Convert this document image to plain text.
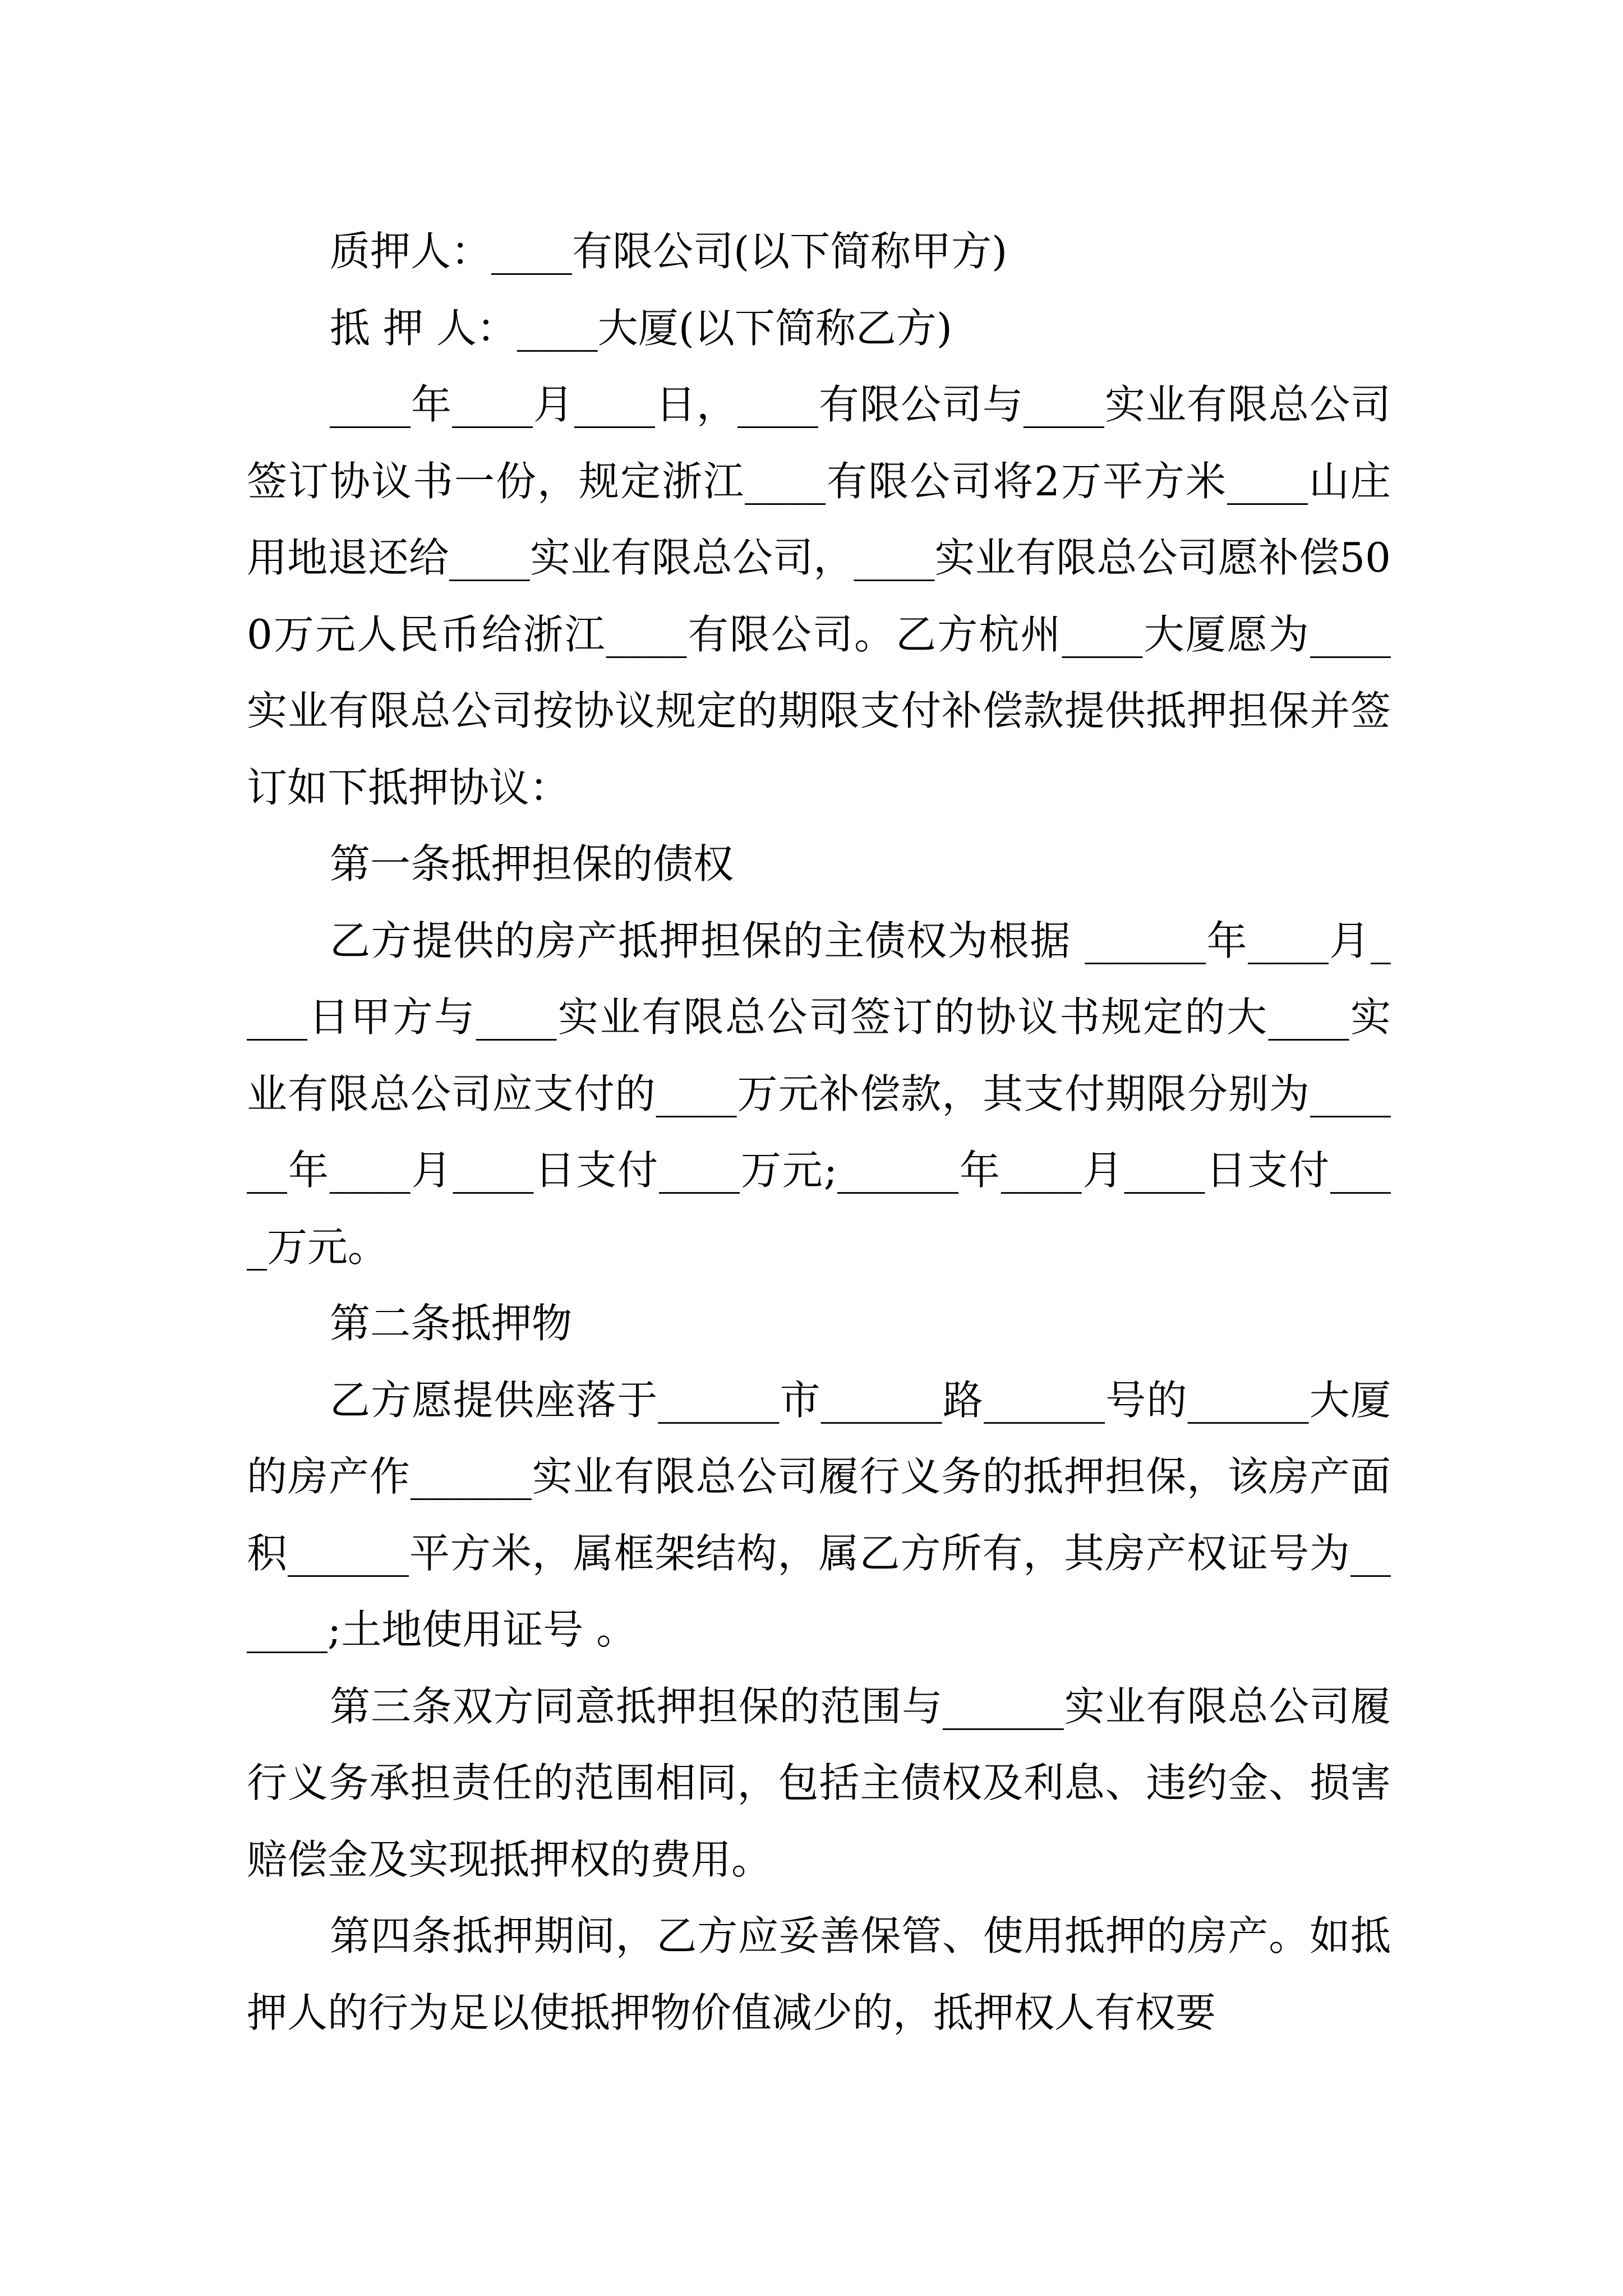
质押人：____有限公司(以下简称甲方)

抵 押 人：____大厦(以下简称乙方)

____年____月____日，____有限公司与____实业有限总公司签订协议书一份，规定浙江____有限公司将2万平方米____山庄用地退还给____实业有限总公司，____实业有限总公司愿补偿500万元人民币给浙江____有限公司。乙方杭州____大厦愿为____实业有限总公司按协议规定的期限支付补偿款提供抵押担保并签订如下抵押协议：

第一条抵押担保的债权

乙方提供的房产抵押担保的主债权为根据 ______年____月____日甲方与____实业有限总公司签订的协议书规定的大____实业有限总公司应支付的____万元补偿款，其支付期限分别为______年____月____日支付____万元;______年____月____日支付____万元。

第二条抵押物

乙方愿提供座落于______市______路______号的______大厦的房产作______实业有限总公司履行义务的抵押担保，该房产面积______平方米，属框架结构，属乙方所有，其房产权证号为______;土地使用证号 。

第三条双方同意抵押担保的范围与______实业有限总公司履行义务承担责任的范围相同，包括主债权及利息、违约金、损害赔偿金及实现抵押权的费用。

第四条抵押期间，乙方应妥善保管、使用抵押的房产。如抵押人的行为足以使抵押物价值减少的，抵押权人有权要
